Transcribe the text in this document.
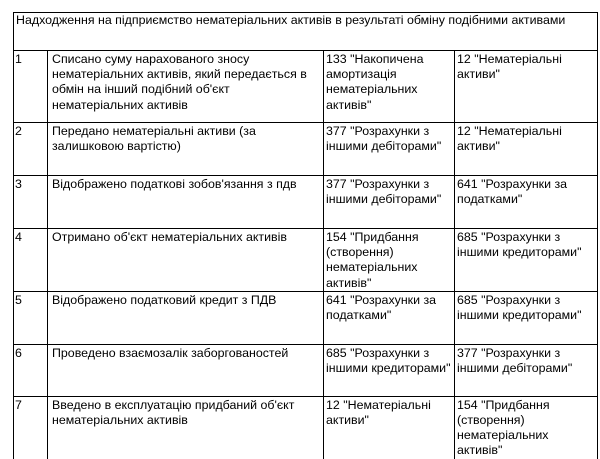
Надходження на підприємство нематеріальних активів в результаті обміну подібними активами			
1	Списано суму нарахованого зносу нематеріальних активів, який передається в обмін на інший подібний об'єкт нематеріальних активів	133 "Накопичена амортизація нематеріальних активів"	12 "Нематеріальні активи"
2	Передано нематеріальні активи (за залишковою вартістю)	377 "Розрахунки з іншими дебіторами"	12 "Нематеріальні активи"
3	Відображено податкові зобов'язання з пдв	377 "Розрахунки з іншими дебіторами"	641 "Розрахунки за податками"
4	Отримано об'єкт нематеріальних активів	154 "Придбання (створення) нематеріальних активів"	685 "Розрахунки з іншими кредиторами"
5	Відображено податковий кредит з ПДВ	641 "Розрахунки за податками"	685 "Розрахунки з іншими кредиторами"
6	Проведено взаємозалік заборгованостей	685 "Розрахунки з іншими кредиторами"	377 "Розрахунки з іншими дебіторами"
7	Введено в експлуатацію придбаний об'єкт нематеріальних активів	12 "Нематеріальні активи"	154 "Придбання (створення) нематеріальних активів"
